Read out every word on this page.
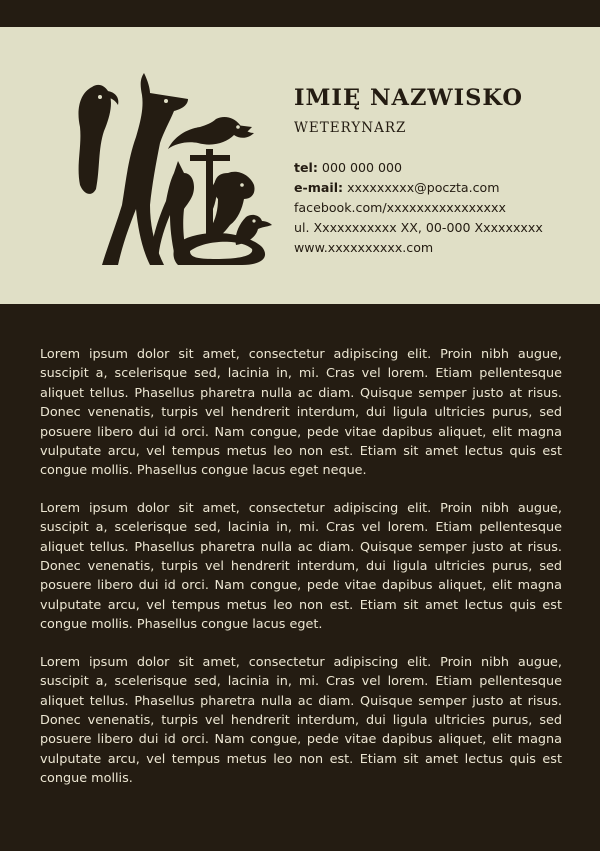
IMIĘ NAZWISKO
WETERYNARZ
tel: 000 000 000
e-mail: xxxxxxxxx@poczta.com
facebook.com/xxxxxxxxxxxxxxxx
ul. Xxxxxxxxxxx XX, 00-000 Xxxxxxxxx
www.xxxxxxxxxx.com

Lorem ipsum dolor sit amet, consectetur adipiscing elit. Proin nibh augue, suscipit a, scelerisque sed, lacinia in, mi. Cras vel lorem. Etiam pellentesque aliquet tellus. Phasellus pharetra nulla ac diam. Quisque semper justo at risus. Donec venenatis, turpis vel hendrerit interdum, dui ligula ultricies purus, sed posuere libero dui id orci. Nam congue, pede vitae dapibus aliquet, elit magna vulputate arcu, vel tempus metus leo non est. Etiam sit amet lectus quis est congue mollis. Phasellus congue lacus eget neque.

Lorem ipsum dolor sit amet, consectetur adipiscing elit. Proin nibh augue, suscipit a, scelerisque sed, lacinia in, mi. Cras vel lorem. Etiam pellentesque aliquet tellus. Phasellus pharetra nulla ac diam. Quisque semper justo at risus. Donec venenatis, turpis vel hendrerit interdum, dui ligula ultricies purus, sed posuere libero dui id orci. Nam congue, pede vitae dapibus aliquet, elit magna vulputate arcu, vel tempus metus leo non est. Etiam sit amet lectus quis est congue mollis. Phasellus congue lacus eget.

Lorem ipsum dolor sit amet, consectetur adipiscing elit. Proin nibh augue, suscipit a, scelerisque sed, lacinia in, mi. Cras vel lorem. Etiam pellentesque aliquet tellus. Phasellus pharetra nulla ac diam. Quisque semper justo at risus. Donec venenatis, turpis vel hendrerit interdum, dui ligula ultricies purus, sed posuere libero dui id orci. Nam congue, pede vitae dapibus aliquet, elit magna vulputate arcu, vel tempus metus leo non est. Etiam sit amet lectus quis est congue mollis.
